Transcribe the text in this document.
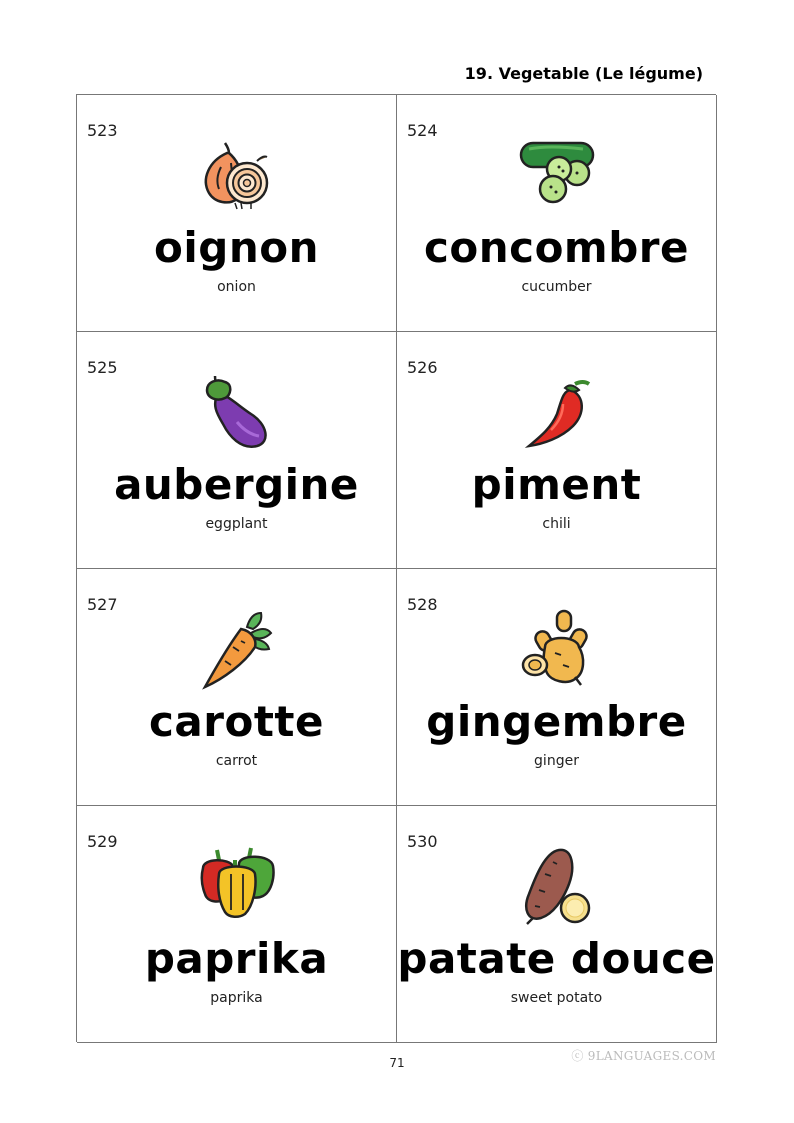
19. Vegetable (Le légume)
523
oignon
onion
524
concombre
cucumber
525
aubergine
eggplant
526
piment
chili
527
carotte
carrot
528
gingembre
ginger
529
paprika
paprika
530
patate douce
sweet potato
ⓒ 9LANGUAGES.COM
71
